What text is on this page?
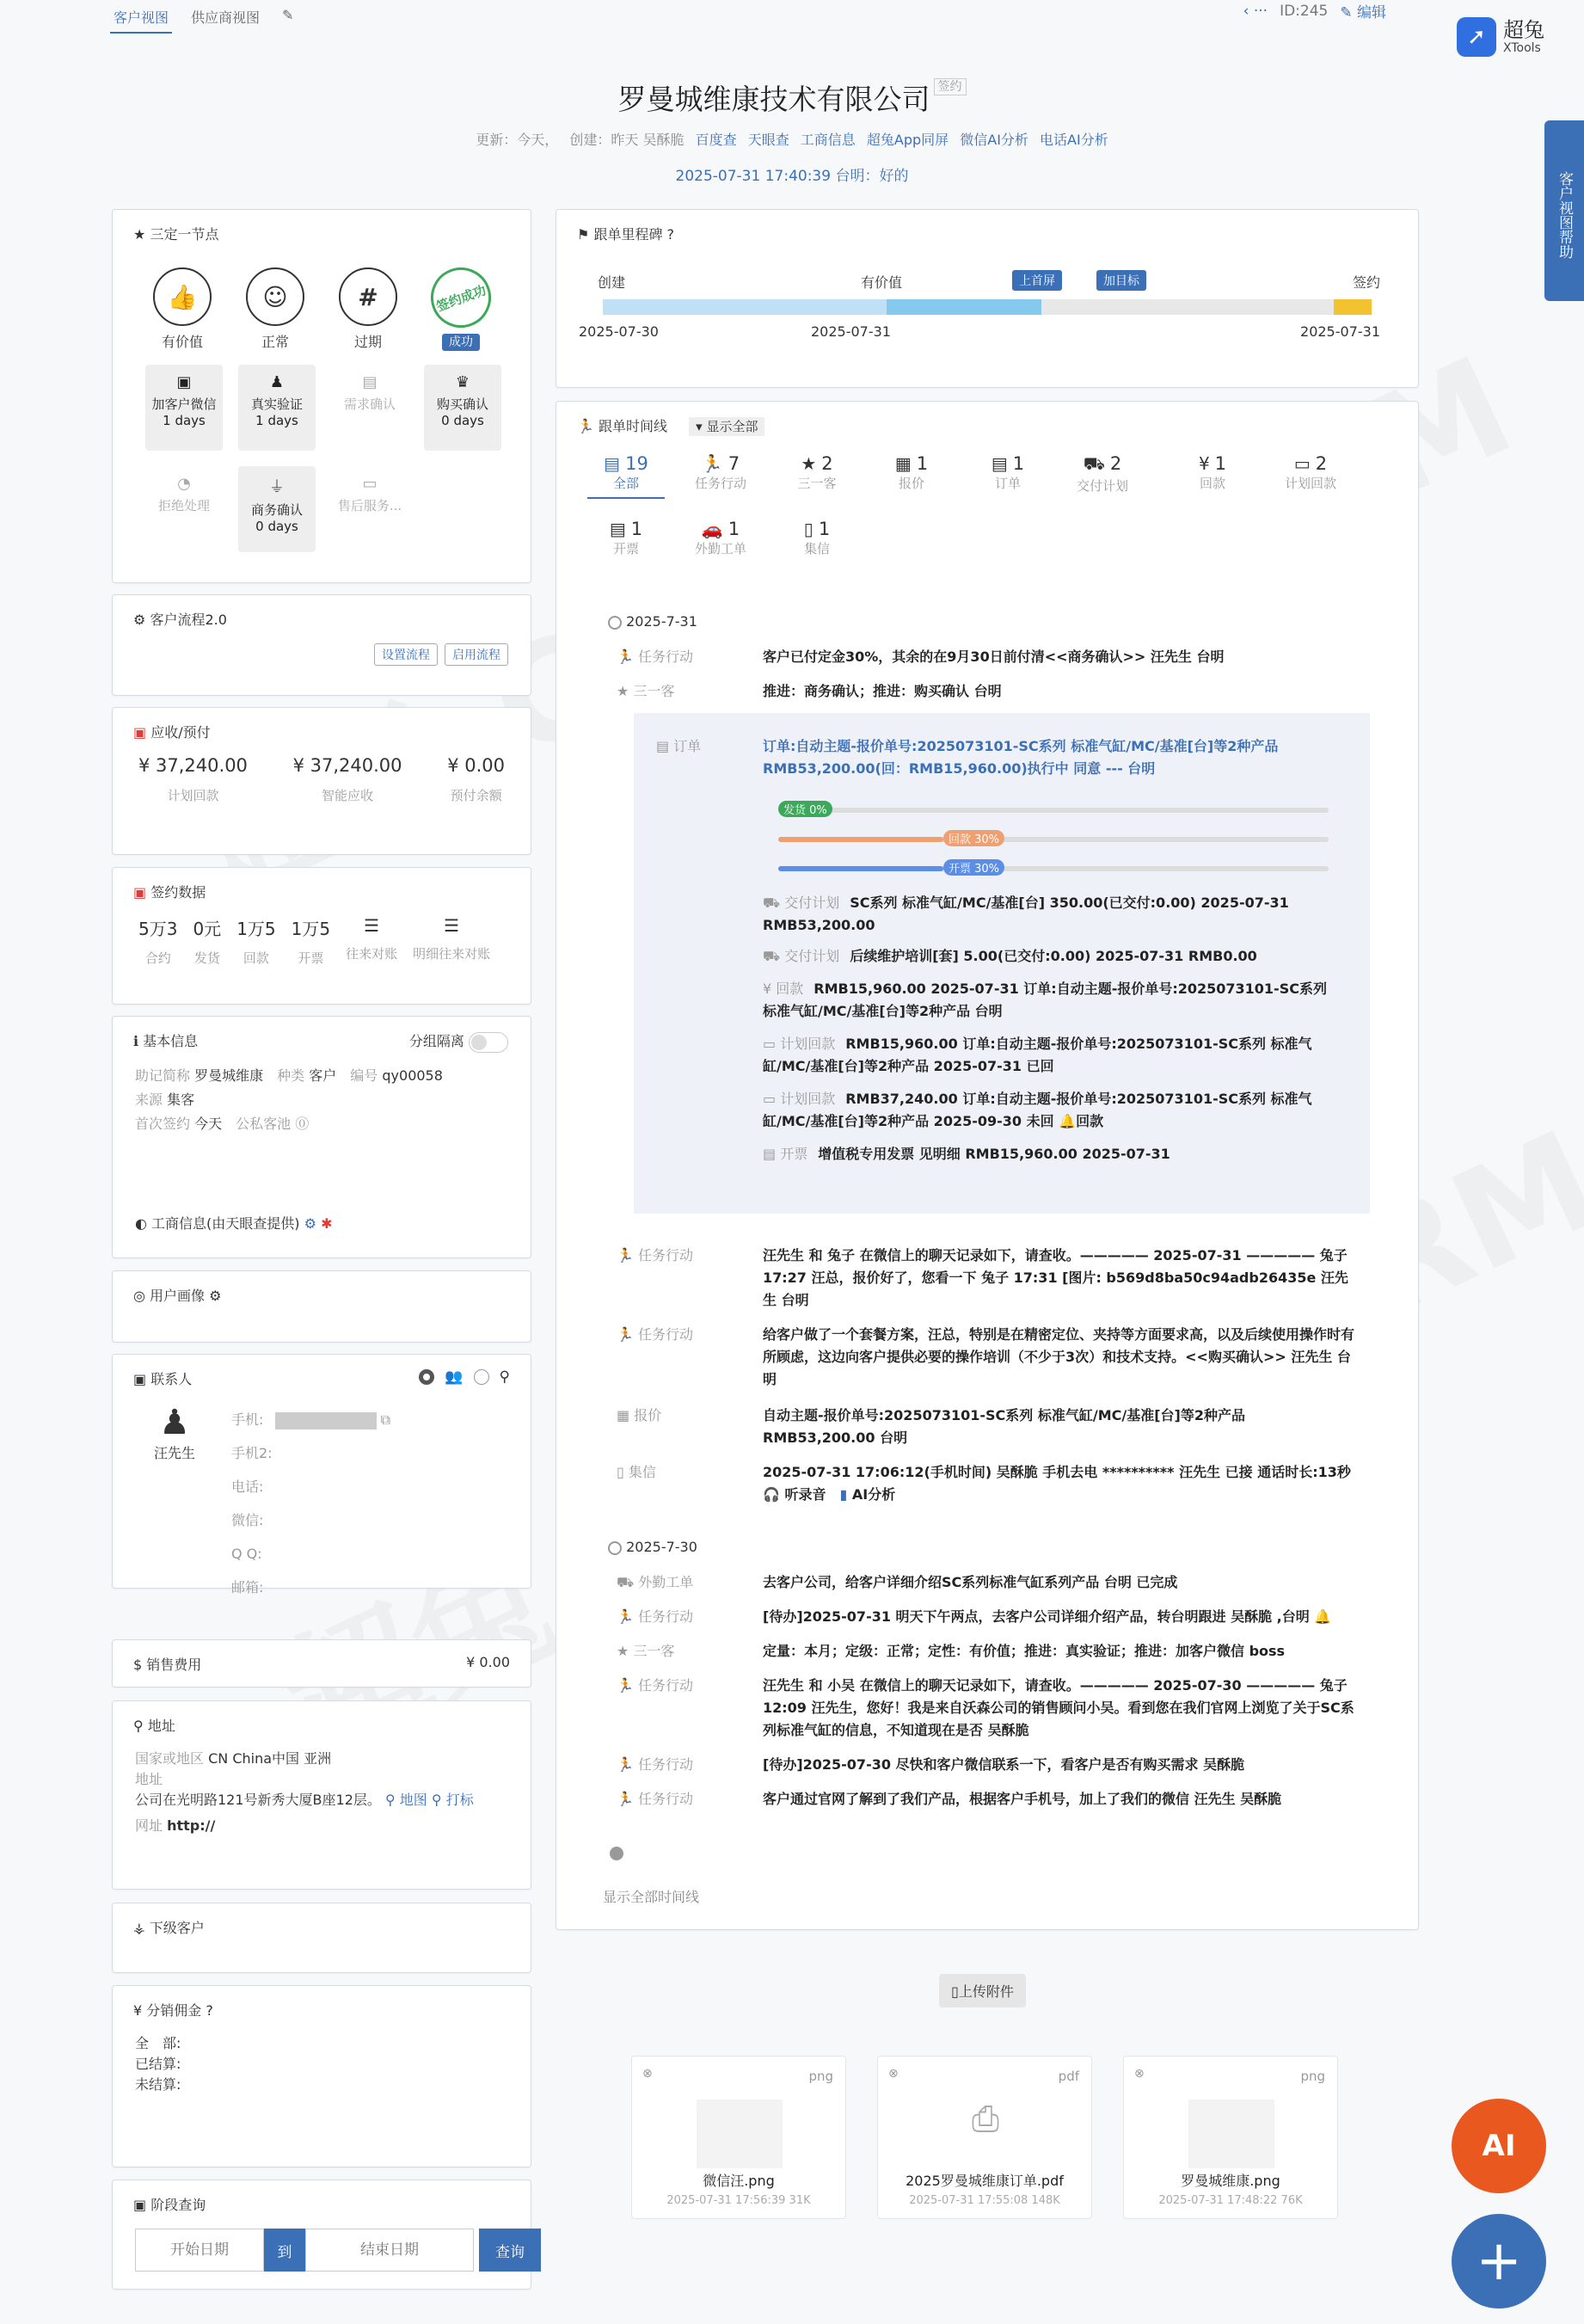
客户视图 供应商视图 ✎	‹ ··· ID:245 ✎ 编辑
➚ 超兔
XTools
罗曼城维康技术有限公司 $^{签约}$
更新：今天， 创建：昨天 吴酥脆 百度查 天眼查 工商信息 超兔App同屏 微信AI分析 电话AI分析
2025-07-31 17:40:39 台明：好的	客户视图帮助
★ 三定一节点
👍
有价值
☺
正常
#
过期
签约成功
成功
▣
加客户微信
1 days
♟
真实验证
1 days
▤
需求确认
♛
购买确认
0 days
◔
拒绝处理
⏚
商务确认
0 days
▭
售后服务...
⚙ 客户流程2.0
设置流程	启用流程
▣ 应收/预付
¥ 37,240.00
计划回款
¥ 37,240.00
智能应收
¥ 0.00
预付余额
▣ 签约数据
5万3
合约
0元
发货
1万5
回款
1万5
开票
☰
往来对账
☰
明细往来对账
ℹ 基本信息	分组隔离
助记简称 罗曼城维康　 种类 客户　 编号 qy00058
来源 集客
首次签约 今天　 公私客池 ⓪
◐ 工商信息(由天眼查提供) ⚙ ✱
◎ 用户画像 ⚙
▣ 联系人	👥 ⚲
♟
汪先生
手机:	⧉
手机2:
电话:
微信:
Q Q:
邮箱:
$ 销售费用	¥ 0.00
⚲ 地址
国家或地区 CN China中国 亚洲
地址
公司在光明路121号新秀大厦B座12层。 ⚲ 地图 ⚲ 打标
网址 http://
⚶ 下级客户
¥ 分销佣金 ?
全　部:
已结算:
未结算:
▣ 阶段查询
开始日期
到
结束日期	查询
⚑ 跟单里程碑 ?
创建	有价值	上首屏	加目标	签约
2025-07-30	2025-07-31	2025-07-31
🏃 跟单时间线 ▾ 显示全部
▤ 19
全部
🏃 7
任务行动
★ 2
三一客
▦ 1
报价
▤ 1
订单
⛟ 2
交付计划
¥ 1
回款
▭ 2
计划回款
▤ 1
开票
🚗 1
外勤工单
▯ 1
集信
2025-7-31
🏃 任务行动	客户已付定金30%，其余的在9月30日前付清<<商务确认>> 汪先生 台明
★ 三一客	推进：商务确认；推进：购买确认 台明
▤ 订单	订单:自动主题-报价单号:2025073101-SC系列 标准气缸/MC/基准[台]等2种产品 RMB53,200.00(回：RMB15,960.00)执行中 同意 --- 台明
发货 0%
回款 30%
开票 30%
⛟ 交付计划 SC系列 标准气缸/MC/基准[台] 350.00(已交付:0.00) 2025-07-31 RMB53,200.00
⛟ 交付计划 后续维护培训[套] 5.00(已交付:0.00) 2025-07-31 RMB0.00
¥ 回款 RMB15,960.00 2025-07-31 订单:自动主题-报价单号:2025073101-SC系列 标准气缸/MC/基准[台]等2种产品 台明
▭ 计划回款 RMB15,960.00 订单:自动主题-报价单号:2025073101-SC系列 标准气缸/MC/基准[台]等2种产品 2025-07-31 已回
▭ 计划回款 RMB37,240.00 订单:自动主题-报价单号:2025073101-SC系列 标准气缸/MC/基准[台]等2种产品 2025-09-30 未回 🔔回款
▤ 开票 增值税专用发票 见明细 RMB15,960.00 2025-07-31
🏃 任务行动	汪先生 和 兔子 在微信上的聊天记录如下，请查收。————— 2025-07-31 ————— 兔子 17:27 汪总，报价好了，您看一下 兔子 17:31 [图片: b569d8ba50c94adb26435e 汪先生 台明
🏃 任务行动	给客户做了一个套餐方案，汪总，特别是在精密定位、夹持等方面要求高，以及后续使用操作时有所顾虑，这边向客户提供必要的操作培训（不少于3次）和技术支持。<<购买确认>> 汪先生 台明
▦ 报价	自动主题-报价单号:2025073101-SC系列 标准气缸/MC/基准[台]等2种产品 RMB53,200.00 台明
▯ 集信	2025-07-31 17:06:12(手机时间) 吴酥脆 手机去电 ********** 汪先生 已接 通话时长:13秒
🎧 听录音　 ▮ AI分析
2025-7-30
⛟ 外勤工单	去客户公司，给客户详细介绍SC系列标准气缸系列产品 台明 已完成
🏃 任务行动	[待办]2025-07-31 明天下午两点，去客户公司详细介绍产品，转台明跟进 吴酥脆 ,台明 🔔
★ 三一客	定量：本月；定级：正常；定性：有价值；推进：真实验证；推进：加客户微信 boss
🏃 任务行动	汪先生 和 小吴 在微信上的聊天记录如下，请查收。————— 2025-07-30 ————— 兔子 12:09 汪先生，您好！我是来自沃森公司的销售顾问小吴。看到您在我们官网上浏览了关于SC系列标准气缸的信息，不知道现在是否 吴酥脆
🏃 任务行动	[待办]2025-07-30 尽快和客户微信联系一下，看客户是否有购买需求 吴酥脆
🏃 任务行动	客户通过官网了解到了我们产品，根据客户手机号，加上了我们的微信 汪先生 吴酥脆
显示全部时间线
▯上传附件
⊗	png
微信汪.png
2025-07-31 17:56:39 31K
⊗	pdf
⎙
2025罗曼城维康订单.pdf
2025-07-31 17:55:08 148K
⊗	png
罗曼城维康.png
2025-07-31 17:48:22 76K
AI
+
